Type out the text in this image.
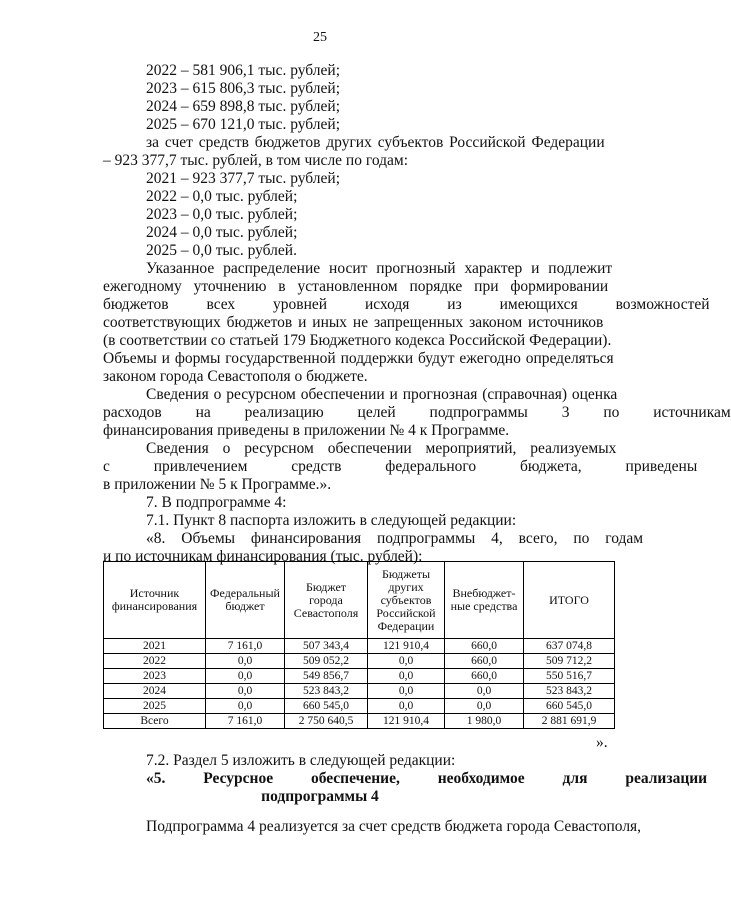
25
2022 – 581 906,1 тыс. рублей;
2023 – 615 806,3 тыс. рублей;
2024 – 659 898,8 тыс. рублей;
2025 – 670 121,0 тыс. рублей;
за счет средств бюджетов других субъектов Российской Федерации
– 923 377,7 тыс. рублей, в том числе по годам:
2021 – 923 377,7 тыс. рублей;
2022 – 0,0 тыс. рублей;
2023 – 0,0 тыс. рублей;
2024 – 0,0 тыс. рублей;
2025 – 0,0 тыс. рублей.
Указанное распределение носит прогнозный характер и подлежит
ежегодному уточнению в установленном порядке при формировании
бюджетов всех уровней исходя из имеющихся возможностей
соответствующих бюджетов и иных не запрещенных законом источников
(в соответствии со статьей 179 Бюджетного кодекса Российской Федерации).
Объемы и формы государственной поддержки будут ежегодно определяться
законом города Севастополя о бюджете.
Сведения о ресурсном обеспечении и прогнозная (справочная) оценка
расходов на реализацию целей подпрограммы 3 по источникам
финансирования приведены в приложении № 4 к Программе.
Сведения о ресурсном обеспечении мероприятий, реализуемых
с привлечением средств федерального бюджета, приведены
в приложении № 5 к Программе.».
7. В подпрограмме 4:
7.1. Пункт 8 паспорта изложить в следующей редакции:
«8. Объемы финансирования подпрограммы 4, всего, по годам
и по источникам финансирования (тыс. рублей):
Источник финансирования	Федеральный бюджет	Бюджет города Севастополя	Бюджеты других субъектов Российской Федерации	Внебюджет-ные средства	ИТОГО
2021	7 161,0	507 343,4	121 910,4	660,0	637 074,8
2022	0,0	509 052,2	0,0	660,0	509 712,2
2023	0,0	549 856,7	0,0	660,0	550 516,7
2024	0,0	523 843,2	0,0	0,0	523 843,2
2025	0,0	660 545,0	0,0	0,0	660 545,0
Всего	7 161,0	2 750 640,5	121 910,4	1 980,0	2 881 691,9
».
7.2. Раздел 5 изложить в следующей редакции:
«5. Ресурсное обеспечение, необходимое для реализации
подпрограммы 4
Подпрограмма 4 реализуется за счет средств бюджета города Севастополя,
